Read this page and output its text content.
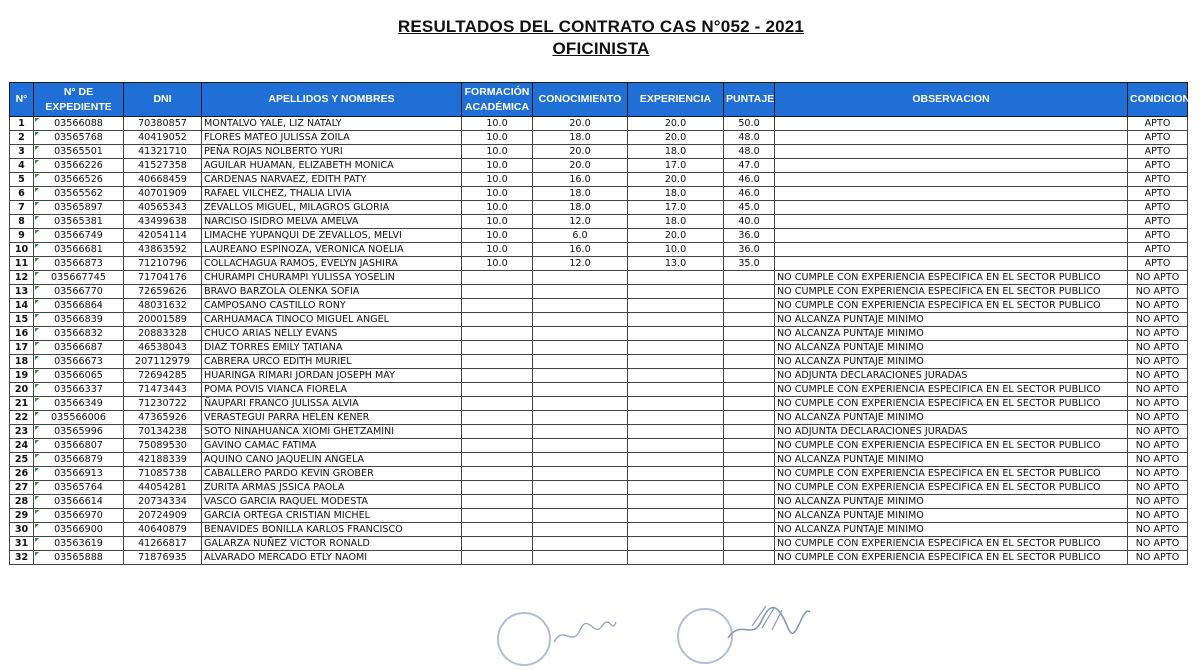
RESULTADOS DEL CONTRATO CAS N°052 - 2021
OFICINISTA
N°	N° DE EXPEDIENTE	DNI	APELLIDOS Y NOMBRES	FORMACIÓN ACADÉMICA	CONOCIMIENTO	EXPERIENCIA	PUNTAJE	OBSERVACION	CONDICION
1	03566088	70380857	MONTALVO YALE, LIZ NATALY	10.0	20.0	20.0	50.0		APTO
2	03565768	40419052	FLORES MATEO JULISSA ZOILA	10.0	18.0	20.0	48.0		APTO
3	03565501	41321710	PEÑA ROJAS NOLBERTO YURI	10.0	20.0	18.0	48.0		APTO
4	03566226	41527358	AGUILAR HUAMAN, ELIZABETH MONICA	10.0	20.0	17.0	47.0		APTO
5	03566526	40668459	CARDENAS NARVAEZ, EDITH PATY	10.0	16.0	20.0	46.0		APTO
6	03565562	40701909	RAFAEL VILCHEZ, THALIA LIVIA	10.0	18.0	18.0	46.0		APTO
7	03565897	40565343	ZEVALLOS MIGUEL, MILAGROS GLORIA	10.0	18.0	17.0	45.0		APTO
8	03565381	43499638	NARCISO ISIDRO MELVA AMELVA	10.0	12.0	18.0	40.0		APTO
9	03566749	42054114	LIMACHE YUPANQUI DE ZEVALLOS, MELVI	10.0	6.0	20.0	36.0		APTO
10	03566681	43863592	LAUREANO ESPINOZA, VERONICA NOELIA	10.0	16.0	10.0	36.0		APTO
11	03566873	71210796	COLLACHAGUA RAMOS, EVELYN JASHIRA	10.0	12.0	13.0	35.0		APTO
12	035667745	71704176	CHURAMPI CHURAMPI YULISSA YOSELIN					NO CUMPLE CON EXPERIENCIA ESPECIFICA EN EL SECTOR PUBLICO	NO APTO
13	03566770	72659626	BRAVO BARZOLA OLENKA SOFIA					NO CUMPLE CON EXPERIENCIA ESPECIFICA EN EL SECTOR PUBLICO	NO APTO
14	03566864	48031632	CAMPOSANO CASTILLO RONY					NO CUMPLE CON EXPERIENCIA ESPECIFICA EN EL SECTOR PUBLICO	NO APTO
15	03566839	20001589	CARHUAMACA TINOCO MIGUEL ANGEL					NO ALCANZA PUNTAJE MINIMO	NO APTO
16	03566832	20883328	CHUCO ARIAS NELLY EVANS					NO ALCANZA PUNTAJE MINIMO	NO APTO
17	03566687	46538043	DIAZ TORRES EMILY TATIANA					NO ALCANZA PUNTAJE MINIMO	NO APTO
18	03566673	207112979	CABRERA URCO EDITH MURIEL					NO ALCANZA PUNTAJE MINIMO	NO APTO
19	03566065	72694285	HUARINGA RIMARI JORDAN JOSEPH MAY					NO ADJUNTA DECLARACIONES JURADAS	NO APTO
20	03566337	71473443	POMA POVIS VIANCA FIORELA					NO CUMPLE CON EXPERIENCIA ESPECIFICA EN EL SECTOR PUBLICO	NO APTO
21	03566349	71230722	ÑAUPARI FRANCO JULISSA ALVIA					NO CUMPLE CON EXPERIENCIA ESPECIFICA EN EL SECTOR PUBLICO	NO APTO
22	035566006	47365926	VERASTEGUI PARRA HELEN KENER					NO ALCANZA PUNTAJE MINIMO	NO APTO
23	03565996	70134238	SOTO NINAHUANCA XIOMI GHETZAMINI					NO ADJUNTA DECLARACIONES JURADAS	NO APTO
24	03566807	75089530	GAVINO CAMAC FATIMA					NO CUMPLE CON EXPERIENCIA ESPECIFICA EN EL SECTOR PUBLICO	NO APTO
25	03566879	42188339	AQUINO CANO JAQUELIN ANGELA					NO ALCANZA PUNTAJE MINIMO	NO APTO
26	03566913	71085738	CABALLERO PARDO KEVIN GROBER					NO CUMPLE CON EXPERIENCIA ESPECIFICA EN EL SECTOR PUBLICO	NO APTO
27	03565764	44054281	ZURITA ARMAS JSSICA PAOLA					NO CUMPLE CON EXPERIENCIA ESPECIFICA EN EL SECTOR PUBLICO	NO APTO
28	03566614	20734334	VASCO GARCIA RAQUEL MODESTA					NO ALCANZA PUNTAJE MINIMO	NO APTO
29	03566970	20724909	GARCIA ORTEGA CRISTIAN MICHEL					NO ALCANZA PUNTAJE MINIMO	NO APTO
30	03566900	40640879	BENAVIDES BONILLA KARLOS FRANCISCO					NO ALCANZA PUNTAJE MINIMO	NO APTO
31	03563619	41266817	GALARZA NUÑEZ VICTOR RONALD					NO CUMPLE CON EXPERIENCIA ESPECIFICA EN EL SECTOR PUBLICO	NO APTO
32	03565888	71876935	ALVARADO MERCADO ETLY NAOMI					NO CUMPLE CON EXPERIENCIA ESPECIFICA EN EL SECTOR PUBLICO	NO APTO
